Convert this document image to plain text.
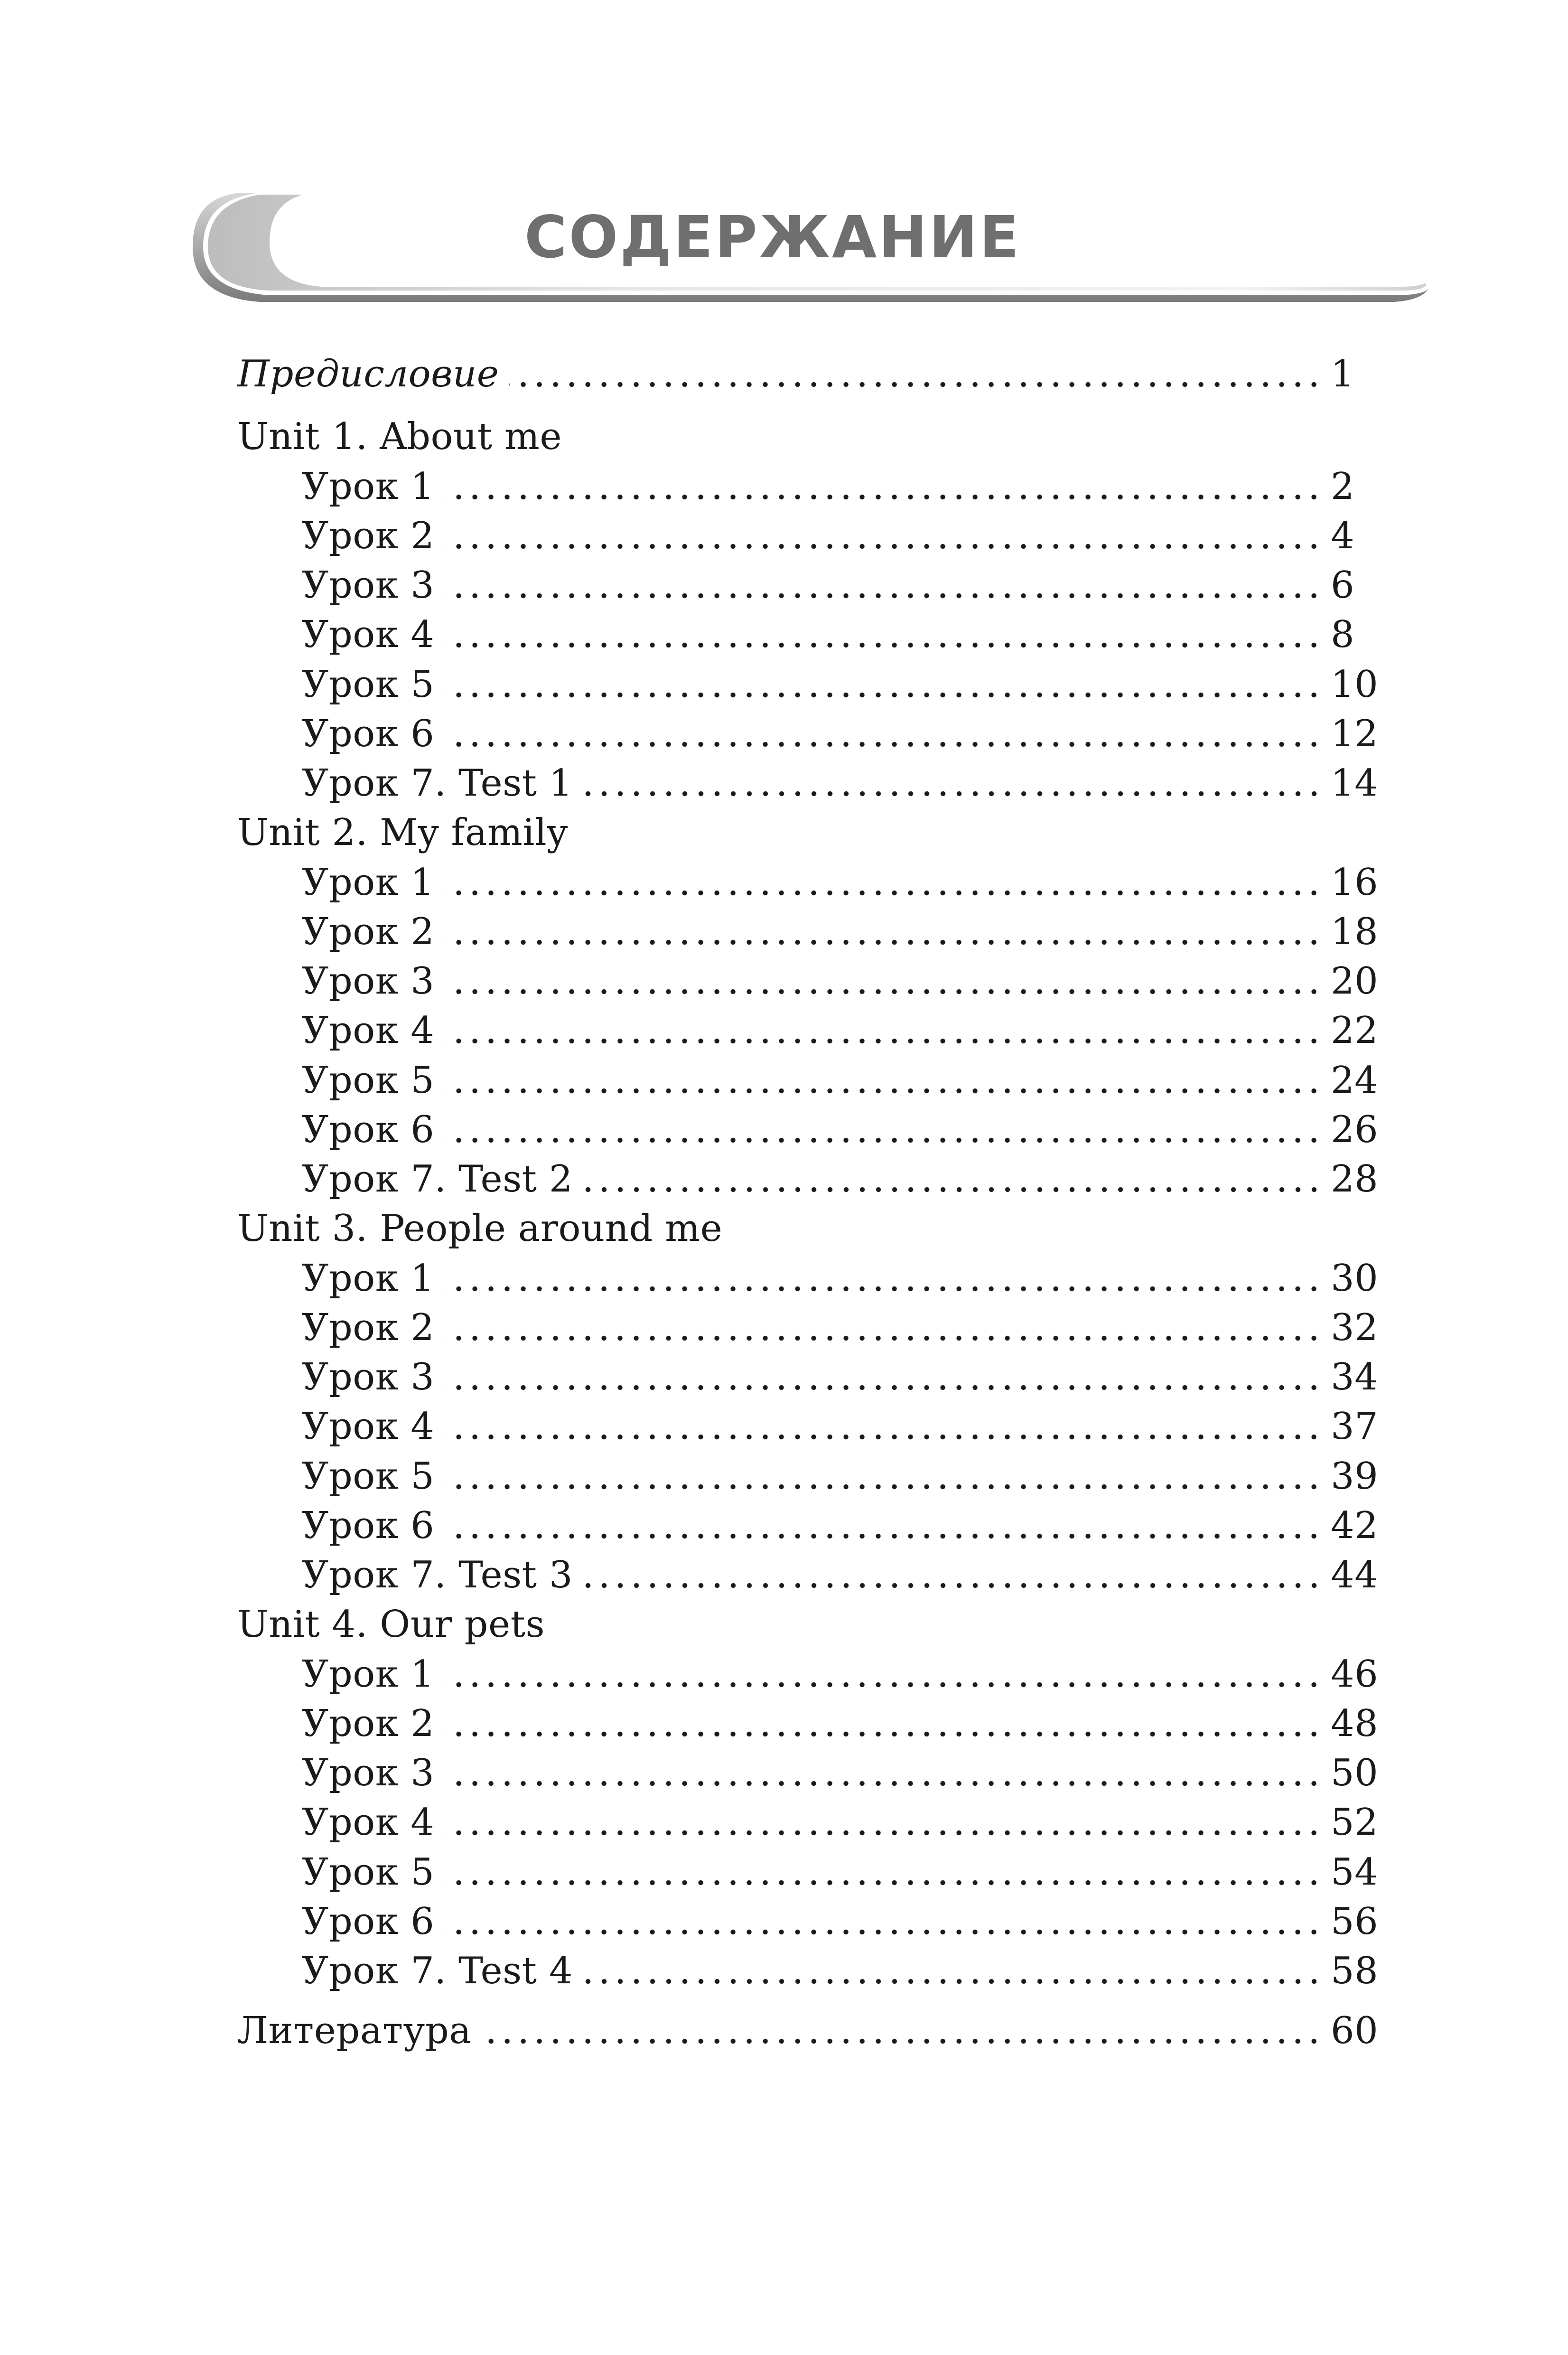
СОДЕРЖАНИЕ
Предисловие	1
Unit 1. About me
Урок 1	2
Урок 2	4
Урок 3	6
Урок 4	8
Урок 5	10
Урок 6	12
Урок 7. Test 1	14
Unit 2. My family
Урок 1	16
Урок 2	18
Урок 3	20
Урок 4	22
Урок 5	24
Урок 6	26
Урок 7. Test 2	28
Unit 3. People around me
Урок 1	30
Урок 2	32
Урок 3	34
Урок 4	37
Урок 5	39
Урок 6	42
Урок 7. Test 3	44
Unit 4. Our pets
Урок 1	46
Урок 2	48
Урок 3	50
Урок 4	52
Урок 5	54
Урок 6	56
Урок 7. Test 4	58
Литература	60
